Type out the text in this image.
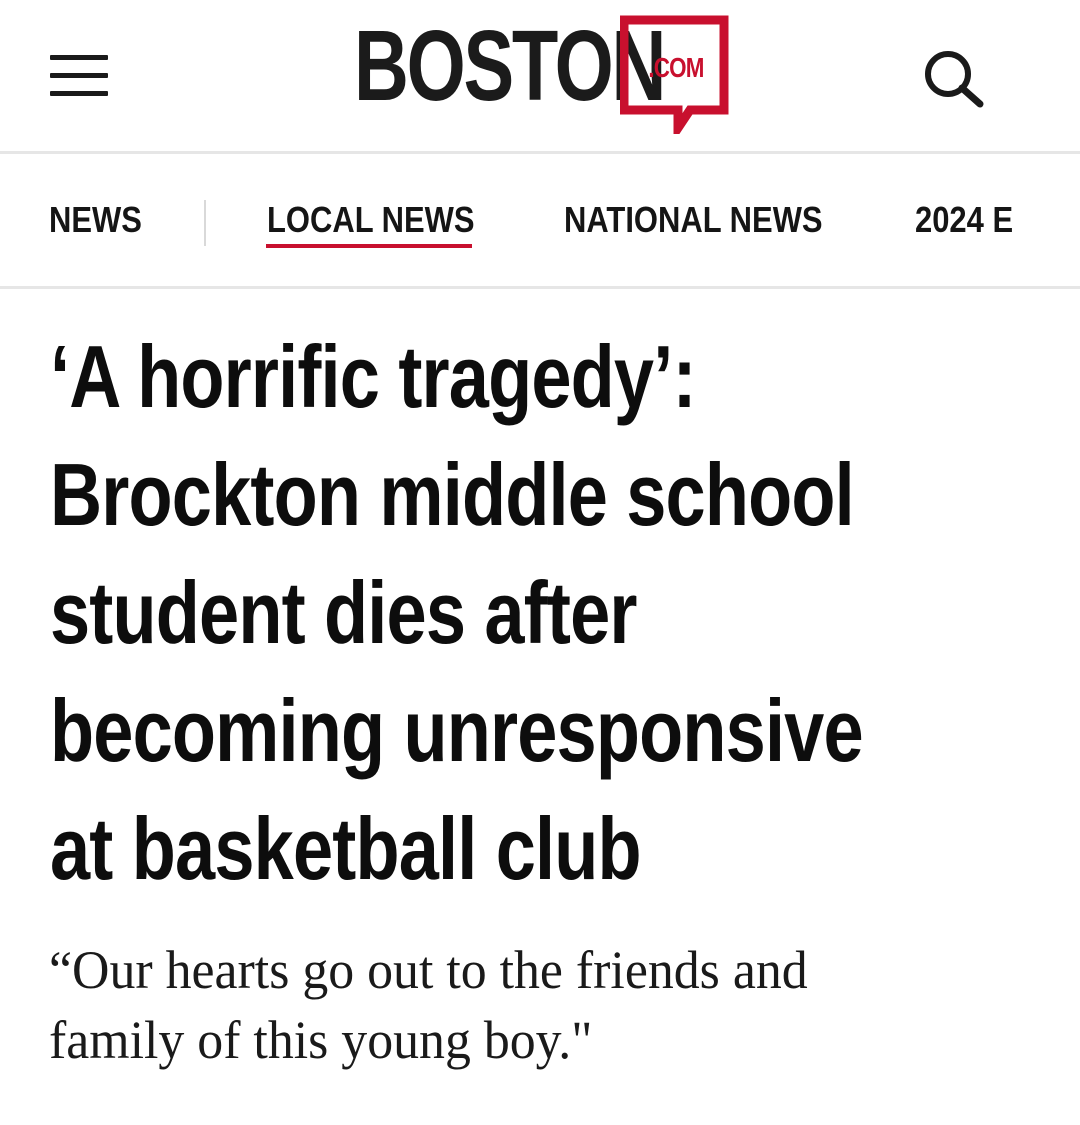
BOSTON
.COM
NEWS	LOCAL NEWS NATIONAL NEWS	2024 E
‘A horrific tragedy’:
Brockton middle school
student dies after
becoming unresponsive
at basketball club

“Our hearts go out to the friends and
family of this young boy."
